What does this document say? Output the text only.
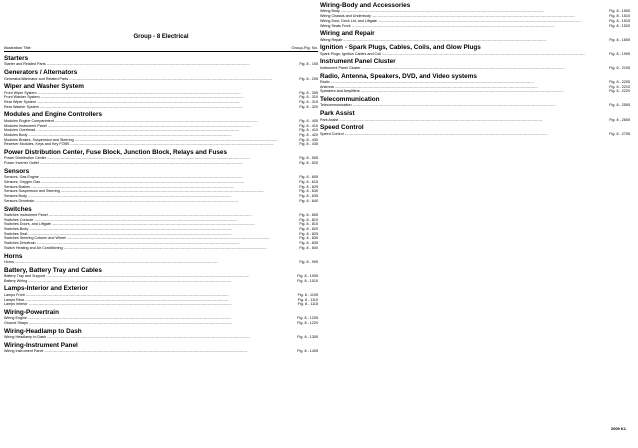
Group - 8 Electrical
Illustration Title	Group-Fig. No.
Starters
Starter and Related Parts . . .	Fig. 8 - 105
Generators / Alternators
Generator/Alternator and Related Parts . . .	Fig. 8 - 205
Wiper and Washer System
Front Wiper System . . .	Fig. 8 - 305
Front Washer System . . .	Fig. 8 - 310
Rear Wiper System . . .	Fig. 8 - 315
Rear Washer System . . .	Fig. 8 - 320
Modules and Engine Controllers
Modules Engine Compartment . . .	Fig. 8 - 405
Modules Instrument Panel . . .	Fig. 8 - 410
Modules Overhead . . .	Fig. 8 - 415
Modules Body . . .	Fig. 8 - 420
Modules Brakes, Suspension and Steering . . .	Fig. 8 - 430
Receiver Modules, Keys and Key FOBS . . .	Fig. 8 - 435
Power Distribution Center, Fuse Block, Junction Block, Relays and Fuses
Power Distribution Center . . .	Fig. 8 - 505
Power Inverter Outlet . . .	Fig. 8 - 520
Sensors
Sensors, Gas Engine . . .	Fig. 8 - 605
Sensors, Oxygen Gas . . .	Fig. 8 - 615
Sensors Brakes . . .	Fig. 8 - 625
Sensors Suspension and Steering . . .	Fig. 8 - 630
Sensors Body . . .	Fig. 8 - 635
Sensors Drivetrain . . .	Fig. 8 - 640
Switches
Switches Instrument Panel . . .	Fig. 8 - 805
Switches Console . . .	Fig. 8 - 810
Switches Doors, and Liftgate . . .	Fig. 8 - 815
Switches Body . . .	Fig. 8 - 820
Switches Seat . . .	Fig. 8 - 825
Switches Steering Column and Wheel . . .	Fig. 8 - 830
Switches Drivetrain . . .	Fig. 8 - 835
Switch Heating and Air Conditioning . . .	Fig. 8 - 840
Horns
Horns . . .	Fig. 8 - 905
Battery, Battery Tray and Cables
Battery Tray and Support . . .	Fig. 8 - 1005
Battery Wiring . . .	Fig. 8 - 1010
Lamps-Interior and Exterior
Lamps Front . . .	Fig. 8 - 1105
Lamps Rear . . .	Fig. 8 - 1110
Lamps Interior . . .	Fig. 8 - 1115
Wiring-Powertrain
Wiring Engine . . .	Fig. 8 - 1205
Ground Straps . . .	Fig. 8 - 1220
Wiring-Headlamp to Dash
Wiring Headlamp to Dash . . .	Fig. 8 - 1305
Wiring-Instrument Panel
Wiring Instrument Panel . . .	Fig. 8 - 1405
Wiring-Body and Accessories
Wiring Body . . .	Fig. 8 - 1505
Wiring Chassis and Underbody . . .	Fig. 8 - 1510
Wiring Door, Deck Lid, and Liftgate . . .	Fig. 8 - 1515
Wiring Seats Front . . .	Fig. 8 - 1520
Wiring and Repair
Wiring Repair . . .	Fig. 8 - 1605
Ignition - Spark Plugs, Cables, Coils, and Glow Plugs
Spark Plugs, Ignition Cables and Coil . . .	Fig. 8 - 1905
Instrument Panel Cluster
Instrument Panel Cluster . . .	Fig. 8 - 2105
Radio, Antenna, Speakers, DVD, and Video systems
Radio . . .	Fig. 8 - 2205
Antenna . . .	Fig. 8 - 2210
Speakers and Amplifiers . . .	Fig. 8 - 2220
Telecommunication
Telecommunication . . .	Fig. 8 - 2505
Park Assist
Park Assist . . .	Fig. 8 - 2605
Speed Control
Speed Control . . .	Fig. 8 - 2705
2009 K1
